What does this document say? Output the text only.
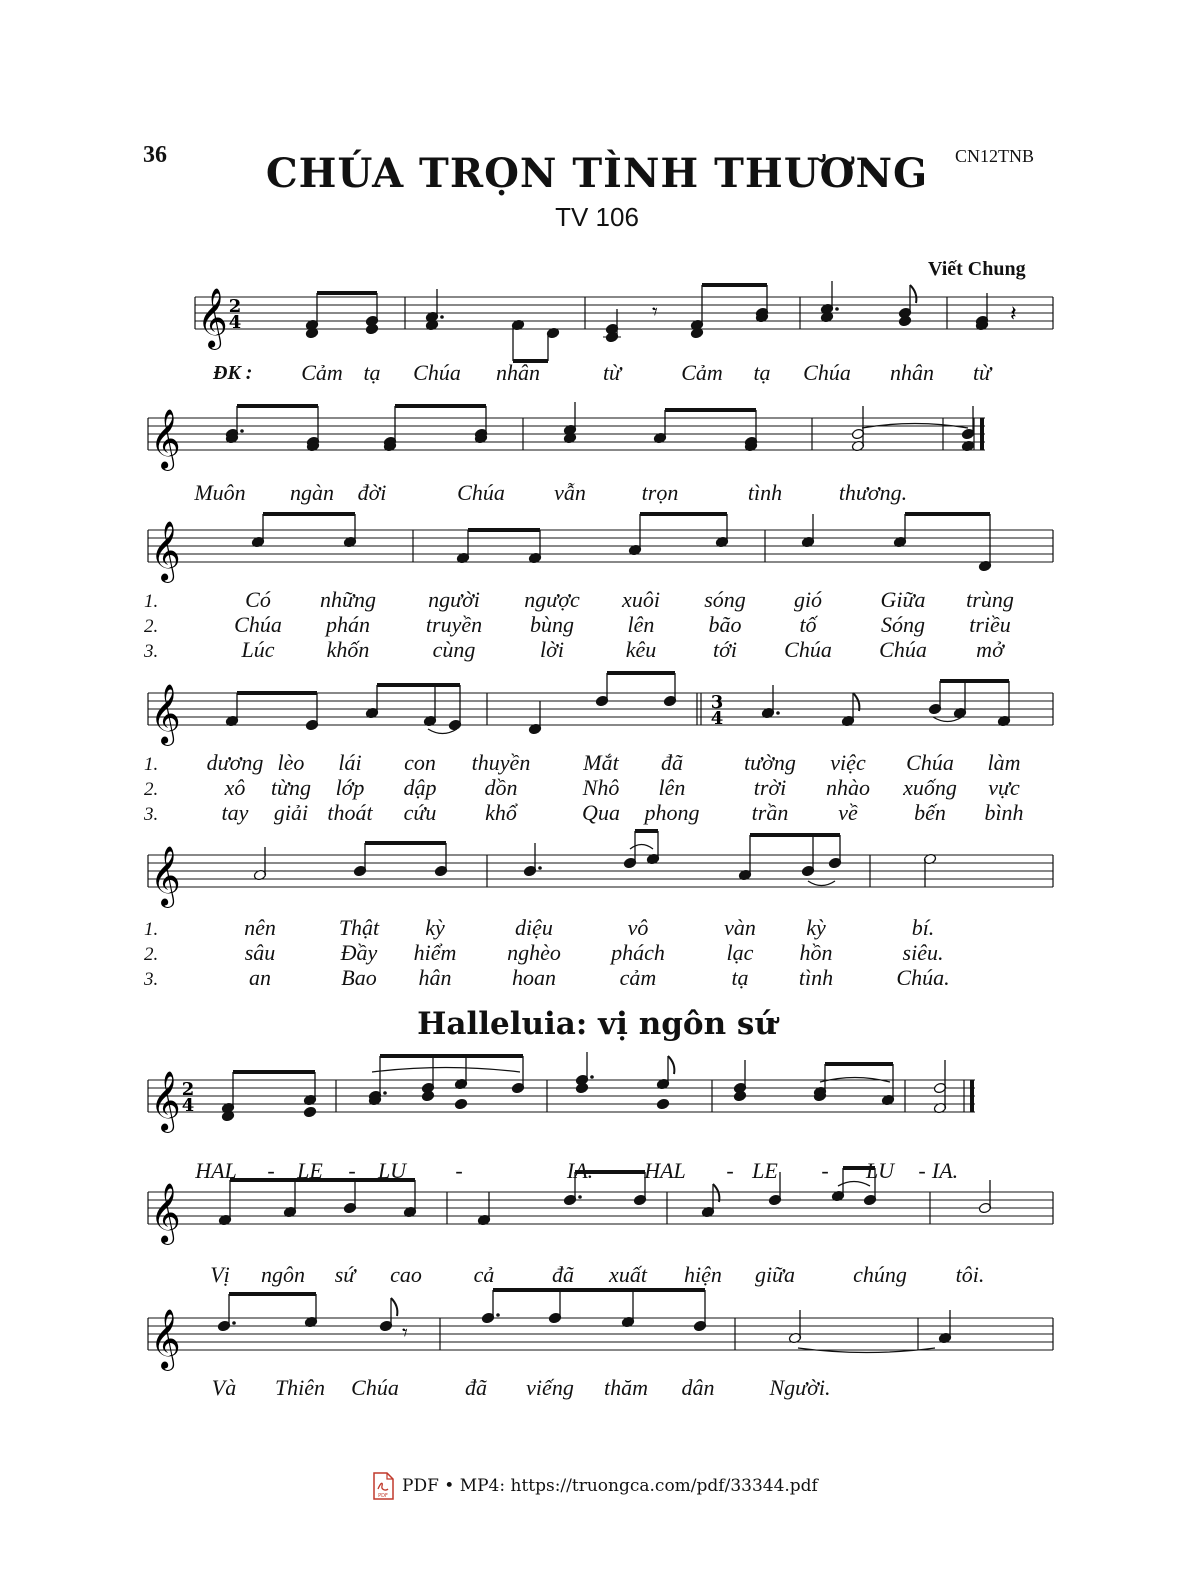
36	CN12TNB
CHÚA TRỌN TÌNH THƯƠNG
TV 106
Viết Chung
𝄞 2
4
𝄞
𝄞
𝄞	3
4
𝄞
𝄞 2
4
𝄞
𝄞
𝄾	𝄽
𝄾
ĐK : Cảm tạ Chúa nhân	từ	Cảm tạ Chúa nhân từ
Muôn ngàn đời	Chúa vẫn	trọn	tình	thương.
1.
1.
1.
Có những người ngược xuôi sóng gió	Giữa trùng
dương lèo lái con thuyền Mắt đã	tường việc Chúa làm
nên	Thật kỳ	diệu	vô	vàn kỳ	bí.
2.
2.
2.
Chúa phán	truyền bùng lên bão	tố	Sóng triều
xô từng lớp dập dồn	Nhô lên	trời nhào xuống vực
sâu	Đầy hiểm nghèo phách	lạc hồn	siêu.
3.
3.
3.
Lúc khốn	cùng	lời	kêu	tới Chúa Chúa mở
tay giải thoát cứu khổ	Qua phong trần về	bến bình
an	Bao hân	hoan	cảm	tạ tình	Chúa.
HAL - LE - LU -	IA. HAL - LE - LU - IA.
Vị ngôn sứ cao cả	đã xuất hiện giữa	chúng tôi.
Và Thiên Chúa	đã viếng thăm dân Người.
Halleluia: vị ngôn sứ
PDF PDF • MP4: https://truongca.com/pdf/33344.pdf
